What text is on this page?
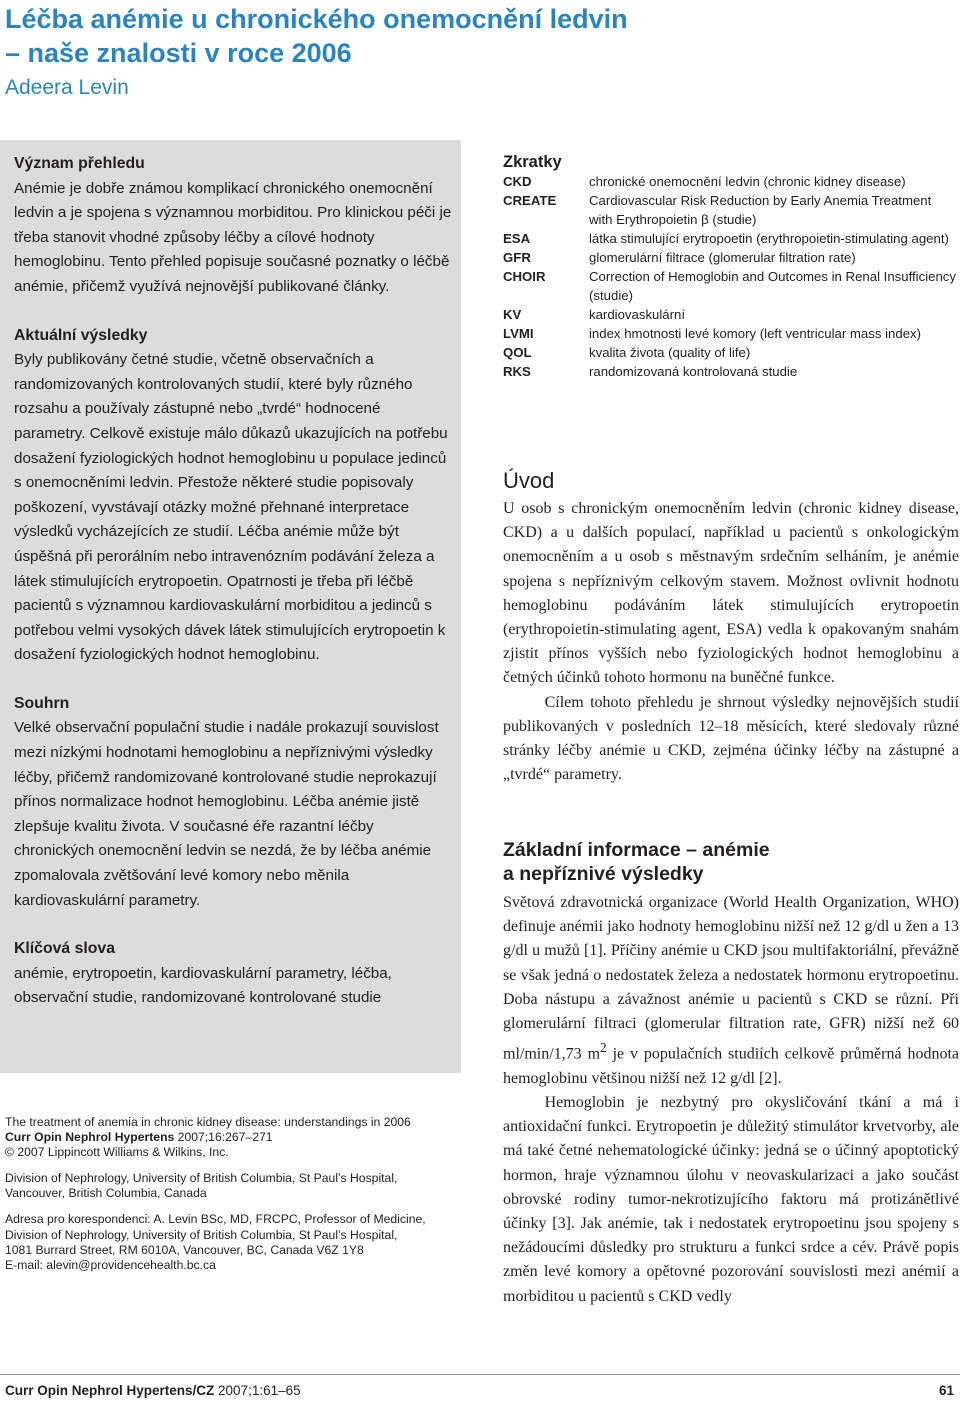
Léčba anémie u chronického onemocnění ledvin
– naše znalosti v roce 2006
Adeera Levin
Význam přehledu

Anémie je dobře známou komplikací chronického onemocnění ledvin a je spojena s významnou morbiditou. Pro klinickou péči je třeba stanovit vhodné způsoby léčby a cílové hodnoty hemoglobinu. Tento přehled popisuje současné poznatky o léčbě anémie, přičemž využívá nejnovější publikované články.

Aktuální výsledky

Byly publikovány četné studie, včetně observačních a randomizovaných kontrolovaných studií, které byly různého rozsahu a používaly zástupné nebo „tvrdé“ hodnocené parametry. Celkově existuje málo důkazů ukazujících na potřebu dosažení fyziologických hodnot hemoglobinu u populace jedinců s onemocněními ledvin. Přestože některé studie popisovaly poškození, vyvstávají otázky možné přehnané interpretace výsledků vycházejících ze studií. Léčba anémie může být úspěšná při perorálním nebo intravenózním podávání železa a látek stimulujících erytropoetin. Opatrnosti je třeba při léčbě pacientů s významnou kardiovaskulární morbiditou a jedinců s potřebou velmi vysokých dávek látek stimulujících erytropoetin k dosažení fyziologických hodnot hemoglobinu.

Souhrn

Velké observační populační studie i nadále prokazují souvislost mezi nízkými hodnotami hemoglobinu a nepříznivými výsledky léčby, přičemž randomizované kontrolované studie neprokazují přínos normalizace hodnot hemoglobinu. Léčba anémie jistě zlepšuje kvalitu života. V současné éře razantní léčby chronických onemocnění ledvin se nezdá, že by léčba anémie zpomalovala zvětšování levé komory nebo měnila kardiovaskulární parametry.

Klíčová slova

anémie, erytropoetin, kardiovaskulární parametry, léčba, observační studie, randomizované kontrolované studie

The treatment of anemia in chronic kidney disease: understandings in 2006

Curr Opin Nephrol Hypertens 2007;16:267–271

© 2007 Lippincott Williams & Wilkins, Inc.

Division of Nephrology, University of British Columbia, St Paul’s Hospital,

Vancouver, British Columbia, Canada

Adresa pro korespondenci: A. Levin BSc, MD, FRCPC, Professor of Medicine,

Division of Nephrology, University of British Columbia, St Paul’s Hospital,

1081 Burrard Street, RM 6010A, Vancouver, BC, Canada V6Z 1Y8

E-mail: alevin@providencehealth.bc.ca

Zkratky
CKD	chronické onemocnění ledvin (chronic kidney disease)
CREATE	Cardiovascular Risk Reduction by Early Anemia Treatment with Erythropoietin β (studie)
ESA	látka stimulující erytropoetin (erythropoietin-stimulating agent)
GFR	glomerulární filtrace (glomerular filtration rate)
CHOIR	Correction of Hemoglobin and Outcomes in Renal Insufficiency (studie)
KV	kardiovaskulární
LVMI	index hmotnosti levé komory (left ventricular mass index)
QOL	kvalita života (quality of life)
RKS	randomizovaná kontrolovaná studie
Úvod

U osob s chronickým onemocněním ledvin (chronic kidney disease, CKD) a u dalších populací, například u pacientů s onkologickým onemocněním a u osob s městnavým srdečním selháním, je anémie spojena s nepříznivým celkovým stavem. Možnost ovlivnit hodnotu hemoglobinu podáváním látek stimulujících erytropoetin (erythropoietin-stimulating agent, ESA) vedla k opakovaným snahám zjistit přínos vyšších nebo fyziologických hodnot hemoglobinu a četných účinků tohoto hormonu na buněčné funkce.

Cílem tohoto přehledu je shrnout výsledky nejnovějších studií publikovaných v posledních 12–18 měsících, které sledovaly různé stránky léčby anémie u CKD, zejména účinky léčby na zástupné a „tvrdé“ parametry.

Základní informace – anémie
a nepříznivé výsledky

Světová zdravotnická organizace (World Health Organization, WHO) definuje anémii jako hodnoty hemoglobinu nižší než 12 g/dl u žen a 13 g/dl u mužů [1]. Příčiny anémie u CKD jsou multifaktoriální, převážně se však jedná o nedostatek železa a nedostatek hormonu erytropoetinu. Doba nástupu a závažnost anémie u pacientů s CKD se různí. Při glomerulární filtraci (glomerular filtration rate, GFR) nižší než 60 ml/min/1,73 $m^2$ je v populačních studiích celkově průměrná hodnota hemoglobinu většinou nižší než 12 g/dl [2].

Hemoglobin je nezbytný pro okysličování tkání a má i antioxidační funkci. Erytropoetin je důležitý stimulátor krvetvorby, ale má také četné nehematologické účinky: jedná se o účinný apoptotický hormon, hraje významnou úlohu v neovaskularizaci a jako součást obrovské rodiny tumor-nekrotizujícího faktoru má protizánětlivé účinky [3]. Jak anémie, tak i nedostatek erytropoetinu jsou spojeny s nežádoucími důsledky pro strukturu a funkci srdce a cév. Právě popis změn levé komory a opětovné pozorování souvislosti mezi anémií a morbiditou u pacientů s CKD vedly

Curr Opin Nephrol Hypertens/CZ 2007;1:61–65	61
